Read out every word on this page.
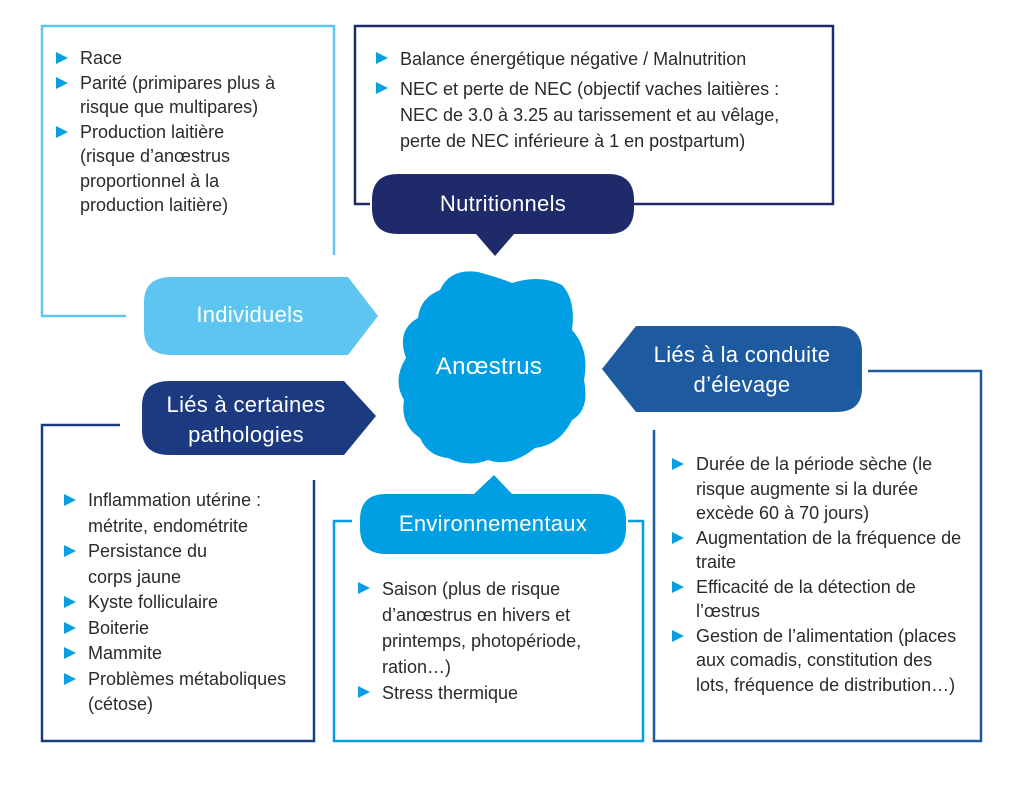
Anœstrus
Individuels
Nutritionnels
Liés à certaines
pathologies
Environnementaux
Liés à la conduite
d’élevage
Race
Parité (primipares plus à risque que multipares)
Production laitière (risque d’anœstrus proportionnel à la production laitière)
Balance énergétique négative / Malnutrition
NEC et perte de NEC (objectif vaches laitières : NEC de 3.0 à 3.25 au tarissement et au vêlage, perte de NEC inférieure à 1 en postpartum)
Inflammation utérine : métrite, endométrite
Persistance du corps jaune
Kyste folliculaire
Boiterie
Mammite
Problèmes métaboliques (cétose)
Saison (plus de risque d’anœstrus en hivers et printemps, photopériode, ration…)
Stress thermique
Durée de la période sèche (le risque augmente si la durée excède 60 à 70 jours)
Augmentation de la fréquence de traite
Efficacité de la détection de l’œstrus
Gestion de l’alimentation (places aux comadis, constitution des lots, fréquence de distribution…)
